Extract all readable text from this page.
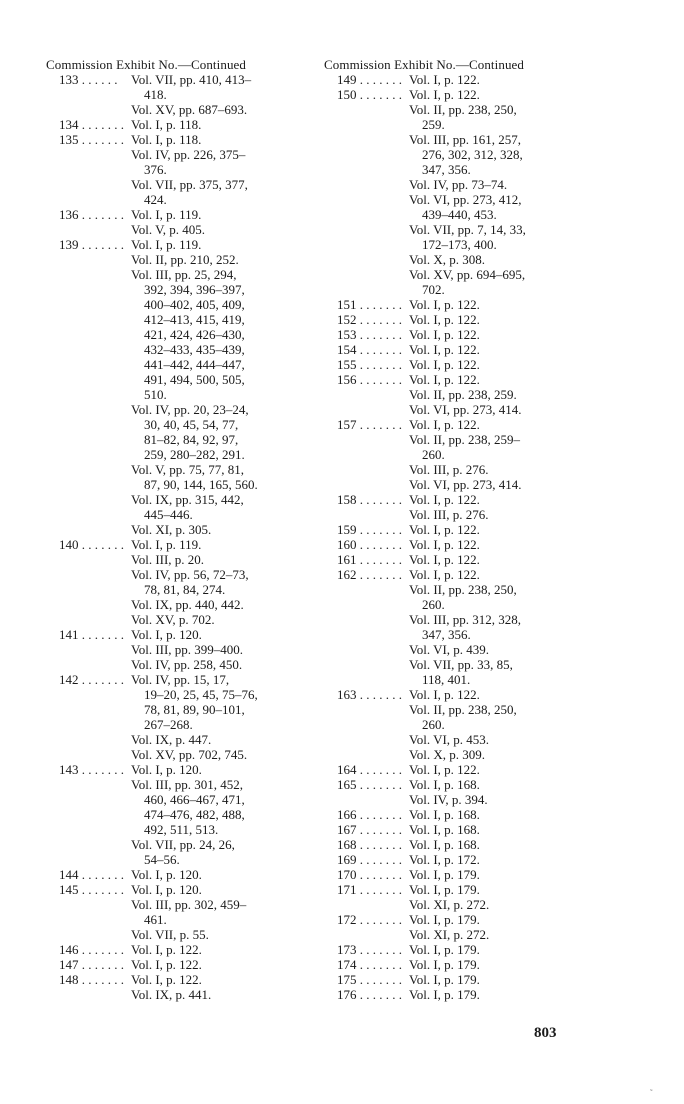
Commission Exhibit No.—Continued
133 . . . . . .	Vol. VII, pp. 410, 413–
418.
Vol. XV, pp. 687–693.
134 . . . . . . . Vol. I, p. 118.
135 . . . . . . . Vol. I, p. 118.
Vol. IV, pp. 226, 375–
376.
Vol. VII, pp. 375, 377,
424.
136 . . . . . . . Vol. I, p. 119.
Vol. V, p. 405.
139 . . . . . . . Vol. I, p. 119.
Vol. II, pp. 210, 252.
Vol. III, pp. 25, 294,
392, 394, 396–397,
400–402, 405, 409,
412–413, 415, 419,
421, 424, 426–430,
432–433, 435–439,
441–442, 444–447,
491, 494, 500, 505,
510.
Vol. IV, pp. 20, 23–24,
30, 40, 45, 54, 77,
81–82, 84, 92, 97,
259, 280–282, 291.
Vol. V, pp. 75, 77, 81,
87, 90, 144, 165, 560.
Vol. IX, pp. 315, 442,
445–446.
Vol. XI, p. 305.
140 . . . . . . . Vol. I, p. 119.
Vol. III, p. 20.
Vol. IV, pp. 56, 72–73,
78, 81, 84, 274.
Vol. IX, pp. 440, 442.
Vol. XV, p. 702.
141 . . . . . . . Vol. I, p. 120.
Vol. III, pp. 399–400.
Vol. IV, pp. 258, 450.
142 . . . . . . . Vol. IV, pp. 15, 17,
19–20, 25, 45, 75–76,
78, 81, 89, 90–101,
267–268.
Vol. IX, p. 447.
Vol. XV, pp. 702, 745.
143 . . . . . . . Vol. I, p. 120.
Vol. III, pp. 301, 452,
460, 466–467, 471,
474–476, 482, 488,
492, 511, 513.
Vol. VII, pp. 24, 26,
54–56.
144 . . . . . . . Vol. I, p. 120.
145 . . . . . . . Vol. I, p. 120.
Vol. III, pp. 302, 459–
461.
Vol. VII, p. 55.
146 . . . . . . . Vol. I, p. 122.
147 . . . . . . . Vol. I, p. 122.
148 . . . . . . . Vol. I, p. 122.
Vol. IX, p. 441.
Commission Exhibit No.—Continued
149 . . . . . . . Vol. I, p. 122.
150 . . . . . . . Vol. I, p. 122.
Vol. II, pp. 238, 250,
259.
Vol. III, pp. 161, 257,
276, 302, 312, 328,
347, 356.
Vol. IV, pp. 73–74.
Vol. VI, pp. 273, 412,
439–440, 453.
Vol. VII, pp. 7, 14, 33,
172–173, 400.
Vol. X, p. 308.
Vol. XV, pp. 694–695,
702.
151 . . . . . . . Vol. I, p. 122.
152 . . . . . . . Vol. I, p. 122.
153 . . . . . . . Vol. I, p. 122.
154 . . . . . . . Vol. I, p. 122.
155 . . . . . . . Vol. I, p. 122.
156 . . . . . . . Vol. I, p. 122.
Vol. II, pp. 238, 259.
Vol. VI, pp. 273, 414.
157 . . . . . . . Vol. I, p. 122.
Vol. II, pp. 238, 259–
260.
Vol. III, p. 276.
Vol. VI, pp. 273, 414.
158 . . . . . . . Vol. I, p. 122.
Vol. III, p. 276.
159 . . . . . . . Vol. I, p. 122.
160 . . . . . . . Vol. I, p. 122.
161 . . . . . . . Vol. I, p. 122.
162 . . . . . . . Vol. I, p. 122.
Vol. II, pp. 238, 250,
260.
Vol. III, pp. 312, 328,
347, 356.
Vol. VI, p. 439.
Vol. VII, pp. 33, 85,
118, 401.
163 . . . . . . . Vol. I, p. 122.
Vol. II, pp. 238, 250,
260.
Vol. VI, p. 453.
Vol. X, p. 309.
164 . . . . . . . Vol. I, p. 122.
165 . . . . . . . Vol. I, p. 168.
Vol. IV, p. 394.
166 . . . . . . . Vol. I, p. 168.
167 . . . . . . . Vol. I, p. 168.
168 . . . . . . . Vol. I, p. 168.
169 . . . . . . . Vol. I, p. 172.
170 . . . . . . . Vol. I, p. 179.
171 . . . . . . . Vol. I, p. 179.
Vol. XI, p. 272.
172 . . . . . . . Vol. I, p. 179.
Vol. XI, p. 272.
173 . . . . . . . Vol. I, p. 179.
174 . . . . . . . Vol. I, p. 179.
175 . . . . . . . Vol. I, p. 179.
176 . . . . . . . Vol. I, p. 179.
803
˜
